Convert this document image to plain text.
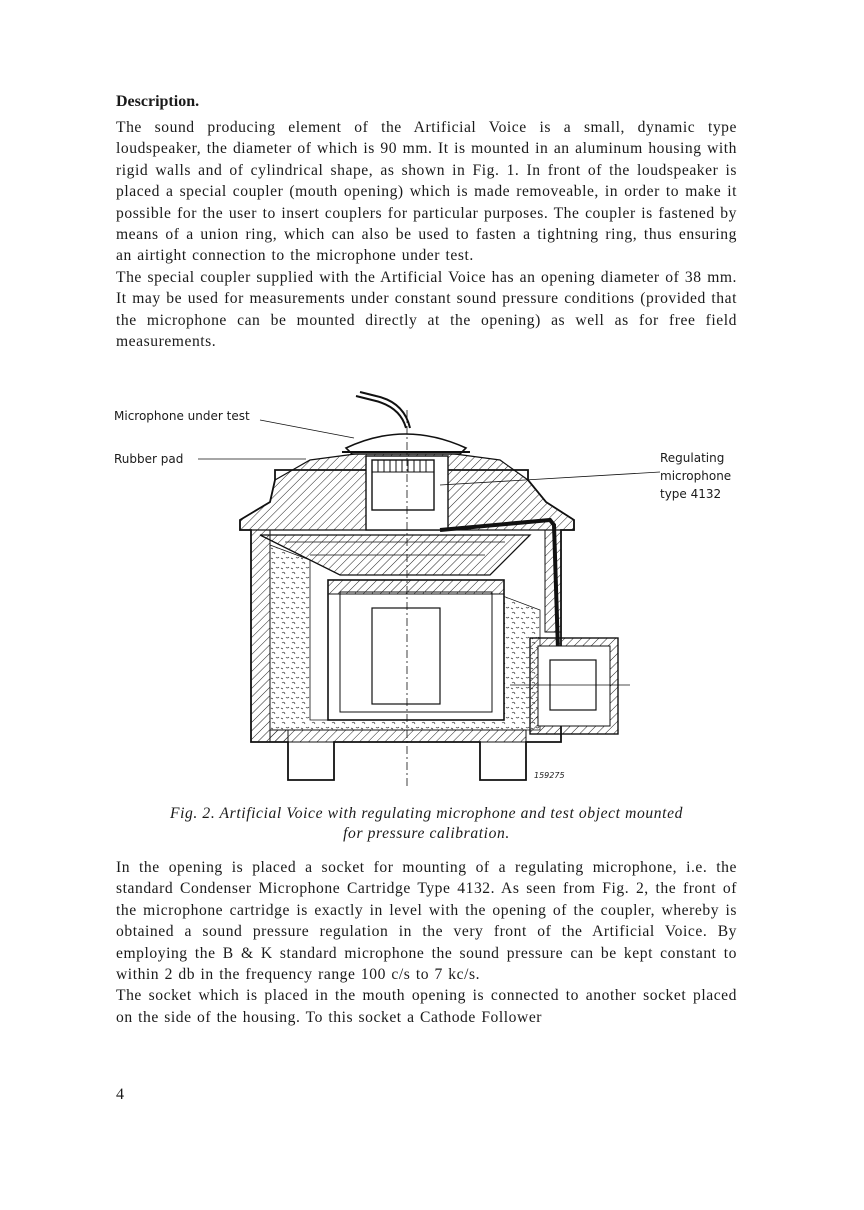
Description.

The sound producing element of the Artificial Voice is a small, dynamic type loudspeaker, the diameter of which is 90 mm. It is mounted in an aluminum housing with rigid walls and of cylindrical shape, as shown in Fig. 1. In front of the loudspeaker is placed a special coupler (mouth opening) which is made removeable, in order to make it possible for the user to insert couplers for particular purposes. The coupler is fastened by means of a union ring, which can also be used to fasten a tightning ring, thus ensuring an airtight connection to the microphone under test.

The special coupler supplied with the Artificial Voice has an opening diameter of 38 mm. It may be used for measurements under constant sound pressure conditions (provided that the microphone can be mounted directly at the opening) as well as for free field measurements.

Microphone under test
Rubber pad	Regulating
microphone
type 4132
159275
Fig. 2. Artificial Voice with regulating microphone and test object mounted
for pressure calibration.

In the opening is placed a socket for mounting of a regulating microphone, i.e. the standard Condenser Microphone Cartridge Type 4132. As seen from Fig. 2, the front of the microphone cartridge is exactly in level with the opening of the coupler, whereby is obtained a sound pressure regulation in the very front of the Artificial Voice. By employing the B & K standard microphone the sound pressure can be kept constant to within 2 db in the frequency range 100 c/s to 7 kc/s.

The socket which is placed in the mouth opening is connected to another socket placed on the side of the housing. To this socket a Cathode Follower

4
